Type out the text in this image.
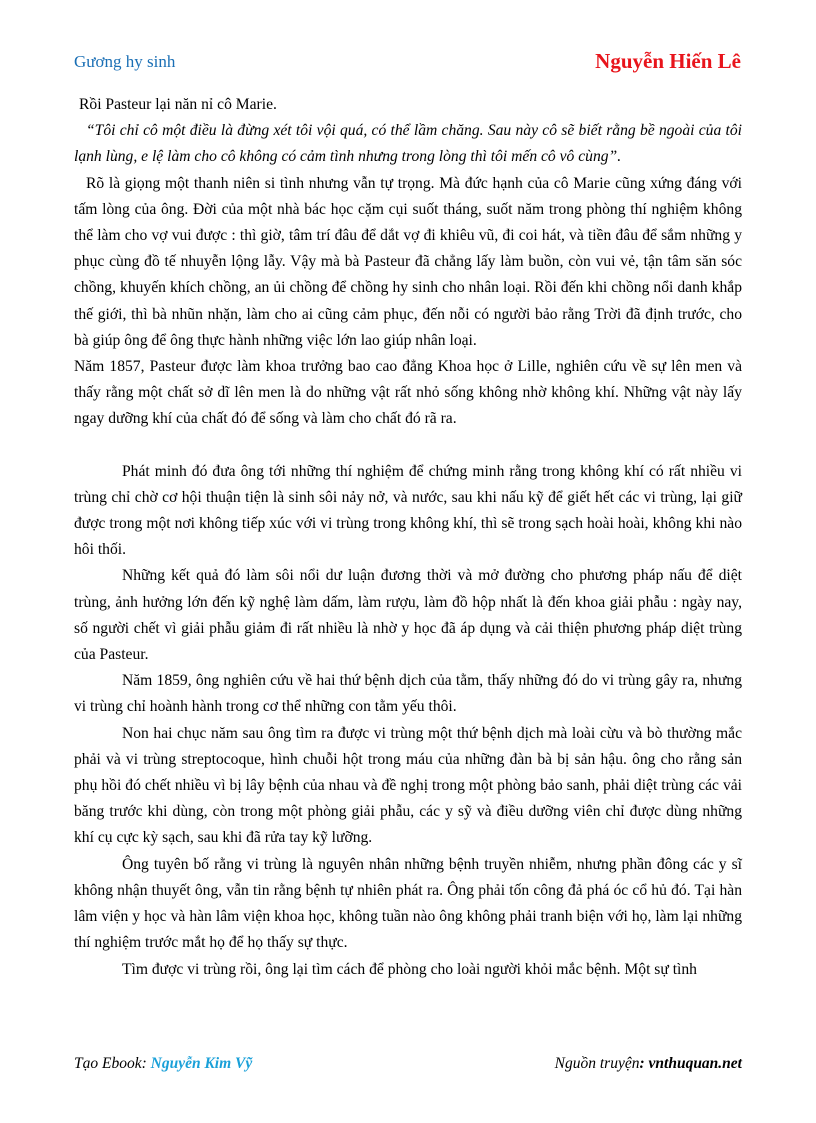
Gương hy sinh	Nguyễn Hiến Lê

Rồi Pasteur lại năn nỉ cô Marie.

“Tôi chỉ cô một điều là đừng xét tôi vội quá, có thể lầm chăng. Sau này cô sẽ biết rằng bề ngoài của tôi lạnh lùng, e lệ làm cho cô không có cảm tình nhưng trong lòng thì tôi mến cô vô cùng”.

Rõ là giọng một thanh niên si tình nhưng vẫn tự trọng. Mà đức hạnh của cô Marie cũng xứng đáng với tấm lòng của ông. Đời của một nhà bác học cặm cụi suốt tháng, suốt năm trong phòng thí nghiệm không thể làm cho vợ vui được : thì giờ, tâm trí đâu để dắt vợ đi khiêu vũ, đi coi hát, và tiền đâu để sắm những y phục cùng đồ tế nhuyễn lộng lẫy. Vậy mà bà Pasteur đã chẳng lấy làm buồn, còn vui vẻ, tận tâm săn sóc chồng, khuyến khích chồng, an ủi chồng để chồng hy sinh cho nhân loại. Rồi đến khi chồng nổi danh khắp thế giới, thì bà nhũn nhặn, làm cho ai cũng cảm phục, đến nỗi có người bảo rằng Trời đã định trước, cho bà giúp ông để ông thực hành những việc lớn lao giúp nhân loại.

Năm 1857, Pasteur được làm khoa trưởng bao cao đẳng Khoa học ở Lille, nghiên cứu về sự lên men và thấy rằng một chất sở dĩ lên men là do những vật rất nhỏ sống không nhờ không khí. Những vật này lấy ngay dưỡng khí của chất đó để sống và làm cho chất đó rã ra.

Phát minh đó đưa ông tới những thí nghiệm để chứng minh rằng trong không khí có rất nhiều vi trùng chỉ chờ cơ hội thuận tiện là sinh sôi nảy nở, và nước, sau khi nấu kỹ để giết hết các vi trùng, lại giữ được trong một nơi không tiếp xúc với vi trùng trong không khí, thì sẽ trong sạch hoài hoài, không khi nào hôi thối.

Những kết quả đó làm sôi nổi dư luận đương thời và mở đường cho phương pháp nấu để diệt trùng, ảnh hưởng lớn đến kỹ nghệ làm dấm, làm rượu, làm đồ hộp nhất là đến khoa giải phẫu : ngày nay, số người chết vì giải phẫu giảm đi rất nhiều là nhờ y học đã áp dụng và cải thiện phương pháp diệt trùng của Pasteur.

Năm 1859, ông nghiên cứu về hai thứ bệnh dịch của tằm, thấy những đó do vi trùng gây ra, nhưng vi trùng chỉ hoành hành trong cơ thể những con tằm yếu thôi.

Non hai chục năm sau ông tìm ra được vi trùng một thứ bệnh dịch mà loài cừu và bò thường mắc phải và vi trùng streptocoque, hình chuỗi hột trong máu của những đàn bà bị sản hậu. ông cho rằng sản phụ hồi đó chết nhiều vì bị lây bệnh của nhau và đề nghị trong một phòng bảo sanh, phải diệt trùng các vải băng trước khi dùng, còn trong một phòng giải phẫu, các y sỹ và điều dưỡng viên chỉ được dùng những khí cụ cực kỳ sạch, sau khi đã rửa tay kỹ lưỡng.

Ông tuyên bố rằng vi trùng là nguyên nhân những bệnh truyền nhiễm, nhưng phần đông các y sĩ không nhận thuyết ông, vẫn tin rằng bệnh tự nhiên phát ra. Ông phải tốn công đả phá óc cổ hủ đó. Tại hàn lâm viện y học và hàn lâm viện khoa học, không tuần nào ông không phải tranh biện với họ, làm lại những thí nghiệm trước mắt họ để họ thấy sự thực.

Tìm được vi trùng rồi, ông lại tìm cách để phòng cho loài người khỏi mắc bệnh. Một sự tình

Tạo Ebook: Nguyễn Kim Vỹ	Nguồn truyện: vnthuquan.net
